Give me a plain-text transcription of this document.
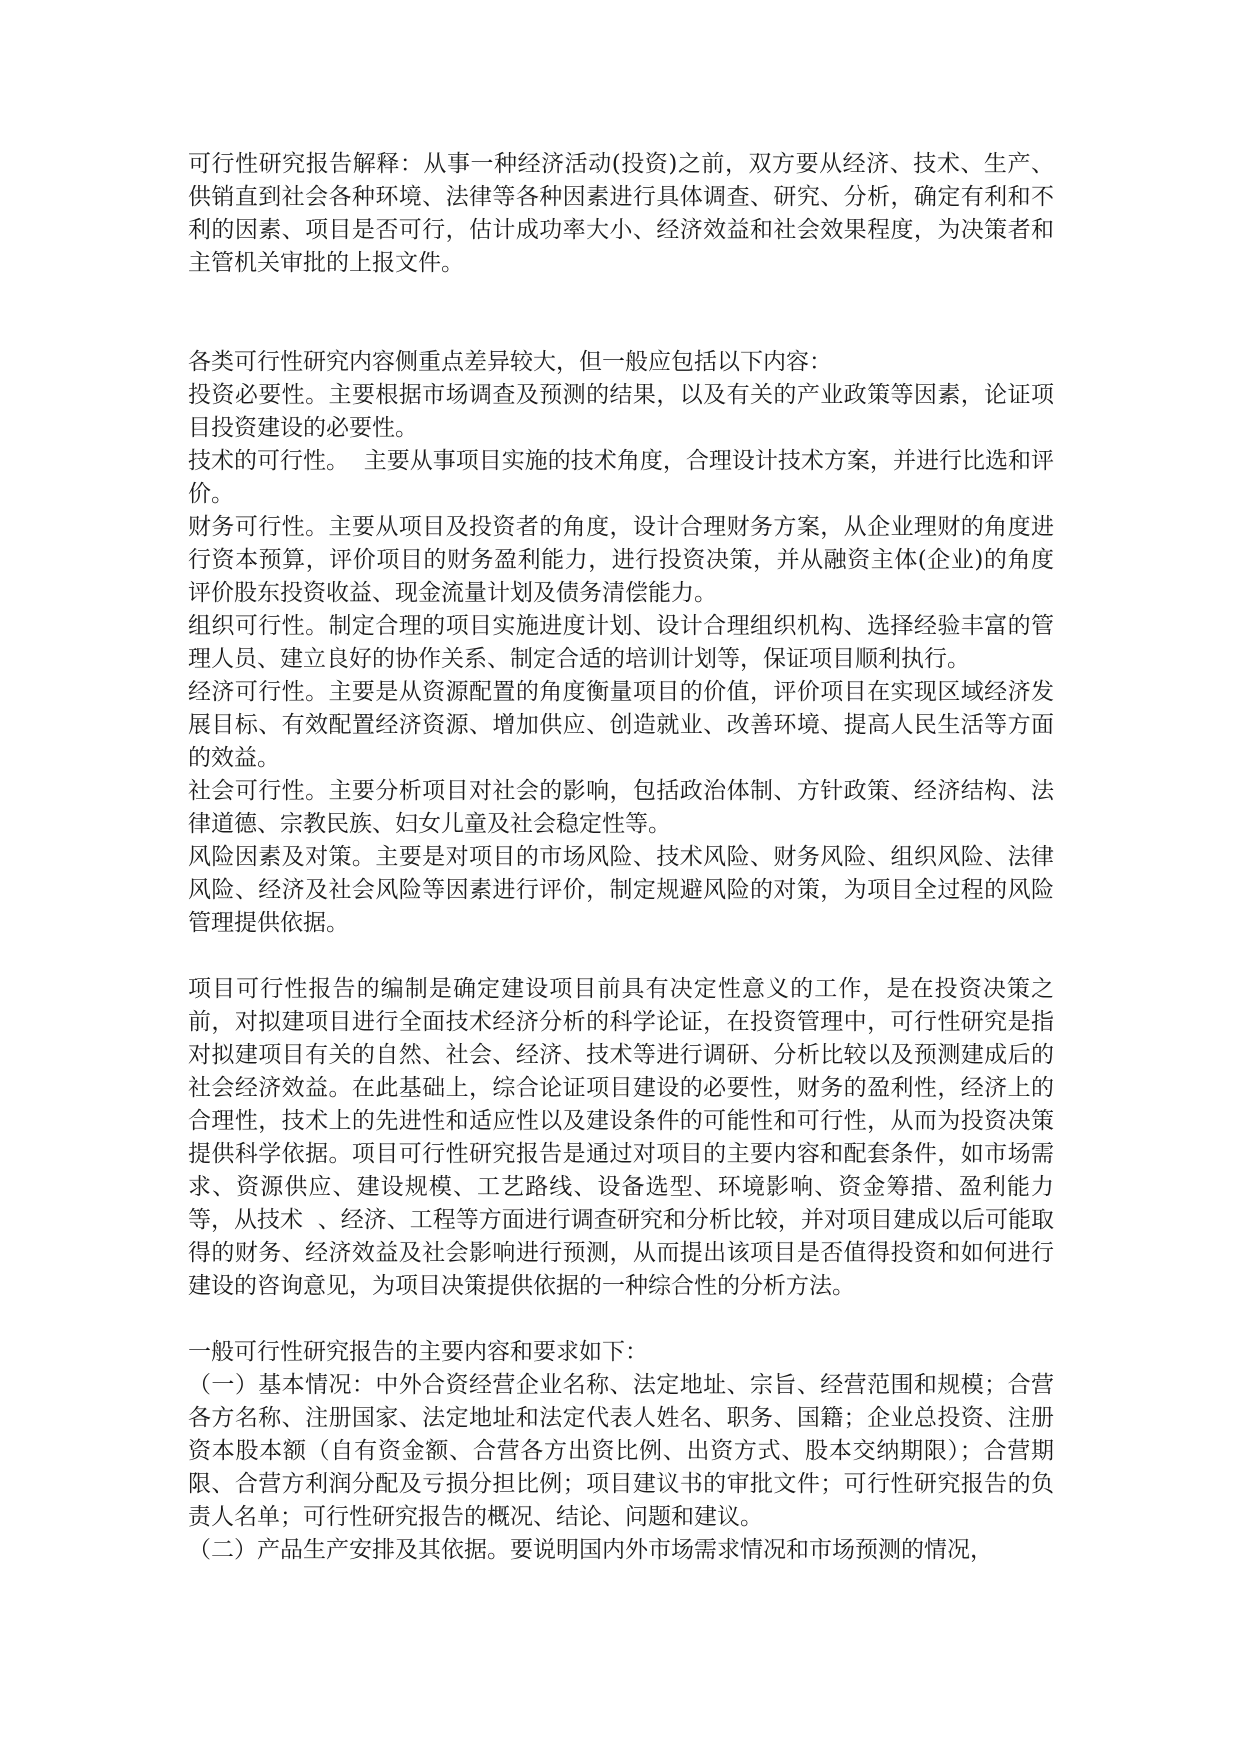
可行性研究报告解释：从事一种经济活动(投资)之前，双方要从经济、技术、生产、供销直到社会各种环境、法律等各种因素进行具体调查、研究、分析，确定有利和不利的因素、项目是否可行，估计成功率大小、经济效益和社会效果程度，为决策者和主管机关审批的上报文件。

各类可行性研究内容侧重点差异较大，但一般应包括以下内容：

投资必要性。主要根据市场调查及预测的结果，以及有关的产业政策等因素，论证项目投资建设的必要性。

技术的可行性。  主要从事项目实施的技术角度，合理设计技术方案，并进行比选和评价。

财务可行性。主要从项目及投资者的角度，设计合理财务方案，从企业理财的角度进行资本预算，评价项目的财务盈利能力，进行投资决策，并从融资主体(企业)的角度评价股东投资收益、现金流量计划及债务清偿能力。

组织可行性。制定合理的项目实施进度计划、设计合理组织机构、选择经验丰富的管理人员、建立良好的协作关系、制定合适的培训计划等，保证项目顺利执行。

经济可行性。主要是从资源配置的角度衡量项目的价值，评价项目在实现区域经济发展目标、有效配置经济资源、增加供应、创造就业、改善环境、提高人民生活等方面的效益。

社会可行性。主要分析项目对社会的影响，包括政治体制、方针政策、经济结构、法律道德、宗教民族、妇女儿童及社会稳定性等。

风险因素及对策。主要是对项目的市场风险、技术风险、财务风险、组织风险、法律风险、经济及社会风险等因素进行评价，制定规避风险的对策，为项目全过程的风险管理提供依据。

项目可行性报告的编制是确定建设项目前具有决定性意义的工作，是在投资决策之前，对拟建项目进行全面技术经济分析的科学论证，在投资管理中，可行性研究是指对拟建项目有关的自然、社会、经济、技术等进行调研、分析比较以及预测建成后的社会经济效益。在此基础上，综合论证项目建设的必要性，财务的盈利性，经济上的合理性，技术上的先进性和适应性以及建设条件的可能性和可行性，从而为投资决策提供科学依据。项目可行性研究报告是通过对项目的主要内容和配套条件，如市场需求、资源供应、建设规模、工艺路线、设备选型、环境影响、资金筹措、盈利能力等，从技术  、经济、工程等方面进行调查研究和分析比较，并对项目建成以后可能取得的财务、经济效益及社会影响进行预测，从而提出该项目是否值得投资和如何进行建设的咨询意见，为项目决策提供依据的一种综合性的分析方法。

一般可行性研究报告的主要内容和要求如下：

（一）基本情况：中外合资经营企业名称、法定地址、宗旨、经营范围和规模；合营各方名称、注册国家、法定地址和法定代表人姓名、职务、国籍；企业总投资、注册资本股本额（自有资金额、合营各方出资比例、出资方式、股本交纳期限）；合营期限、合营方利润分配及亏损分担比例；项目建议书的审批文件；可行性研究报告的负责人名单；可行性研究报告的概况、结论、问题和建议。

（二）产品生产安排及其依据。要说明国内外市场需求情况和市场预测的情况，
